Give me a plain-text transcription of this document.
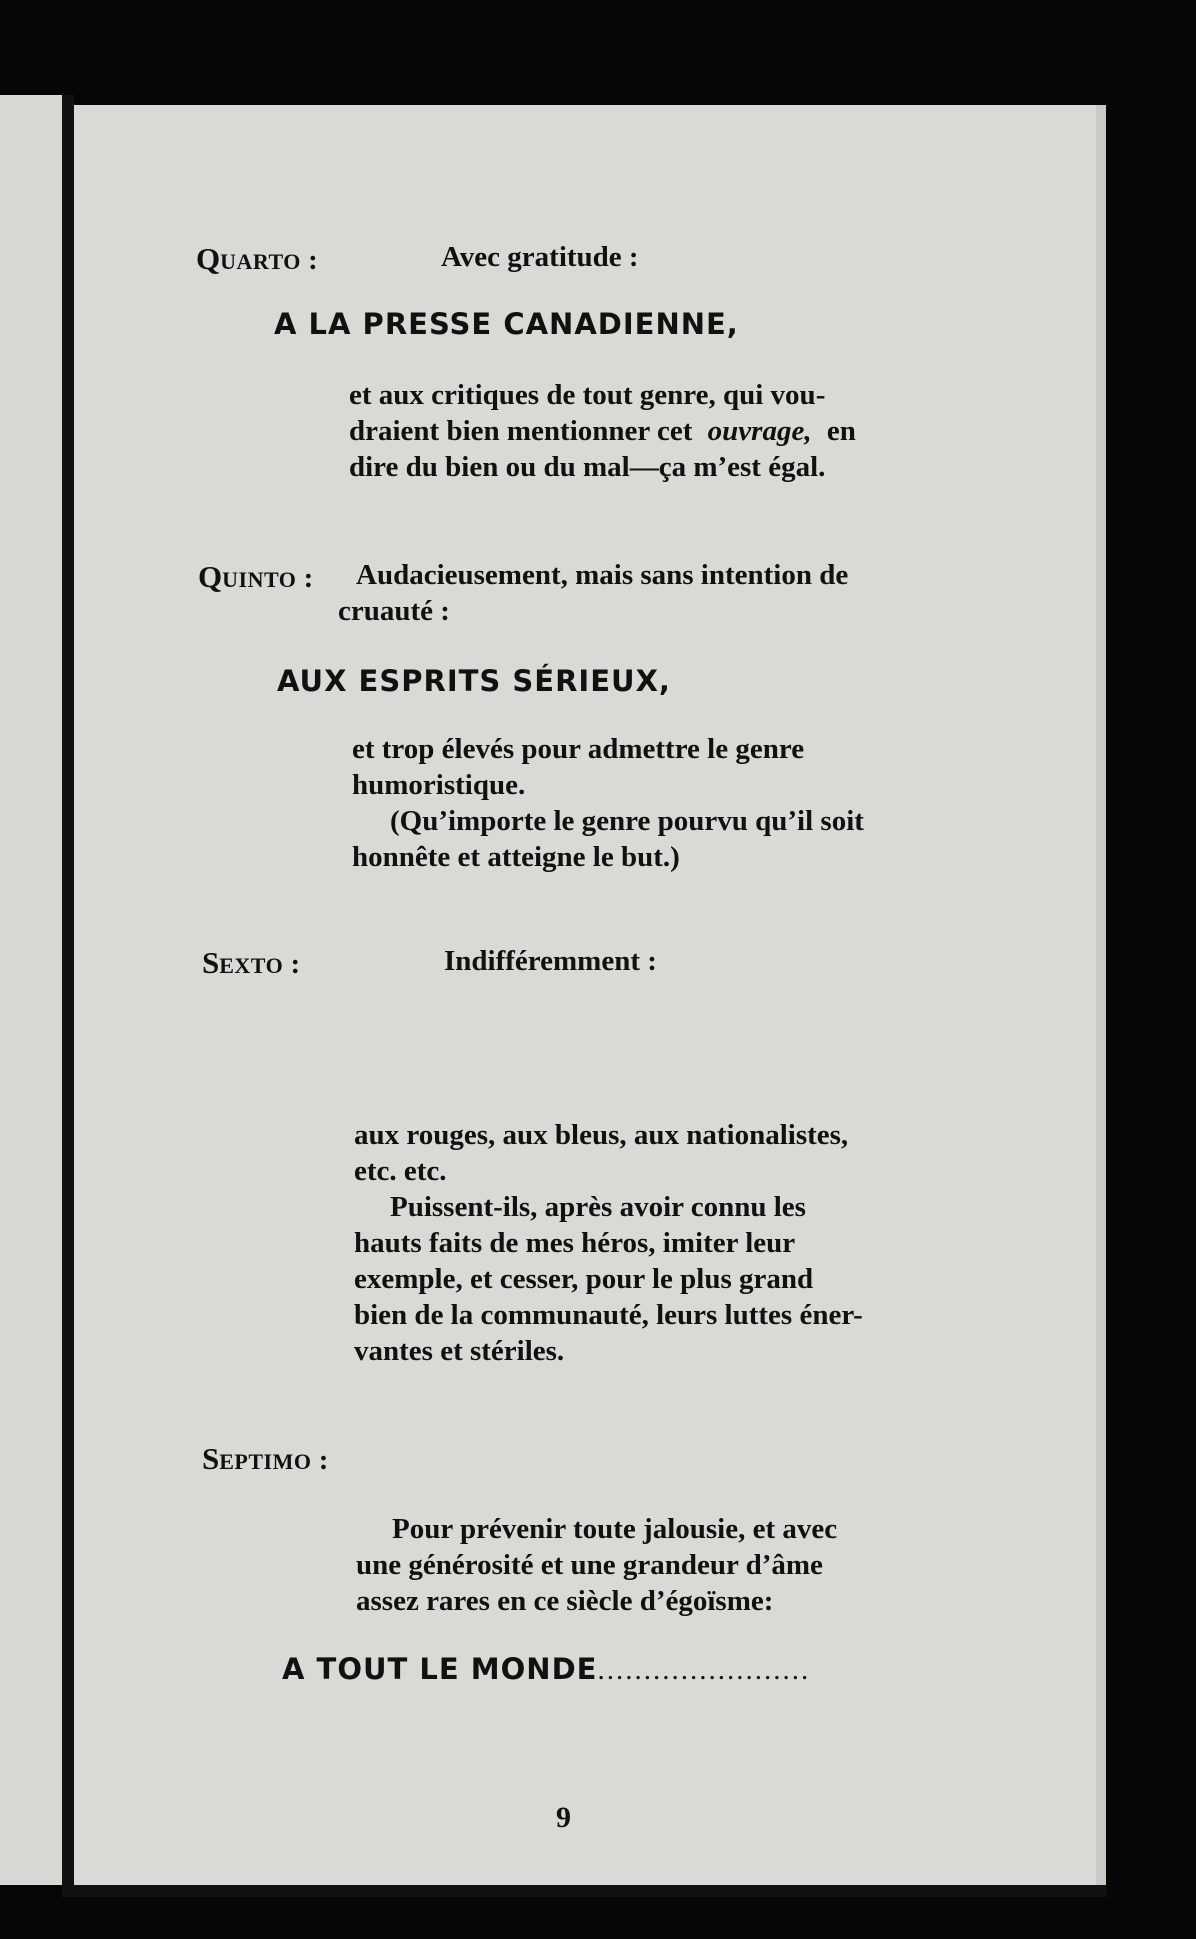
QUARTO :	Avec gratitude :
A LA PRESSE CANADIENNE,
et aux critiques de tout genre, qui vou-
draient bien mentionner cet ouvrage, en
dire du bien ou du mal—ça m’est égal.
QUINTO : Audacieusement, mais sans intention de
cruauté :
AUX ESPRITS SÉRIEUX,
et trop élevés pour admettre le genre
humoristique.
(Qu’importe le genre pourvu qu’il soit
honnête et atteigne le but.)
SEXTO :	Indifféremment :
aux rouges, aux bleus, aux nationalistes,
etc. etc.
Puissent-ils, après avoir connu les
hauts faits de mes héros, imiter leur
exemple, et cesser, pour le plus grand
bien de la communauté, leurs luttes éner-
vantes et stériles.
SEPTIMO :
Pour prévenir toute jalousie, et avec
une générosité et une grandeur d’âme
assez rares en ce siècle d’égoïsme:
A TOUT LE MONDE.......................
9
